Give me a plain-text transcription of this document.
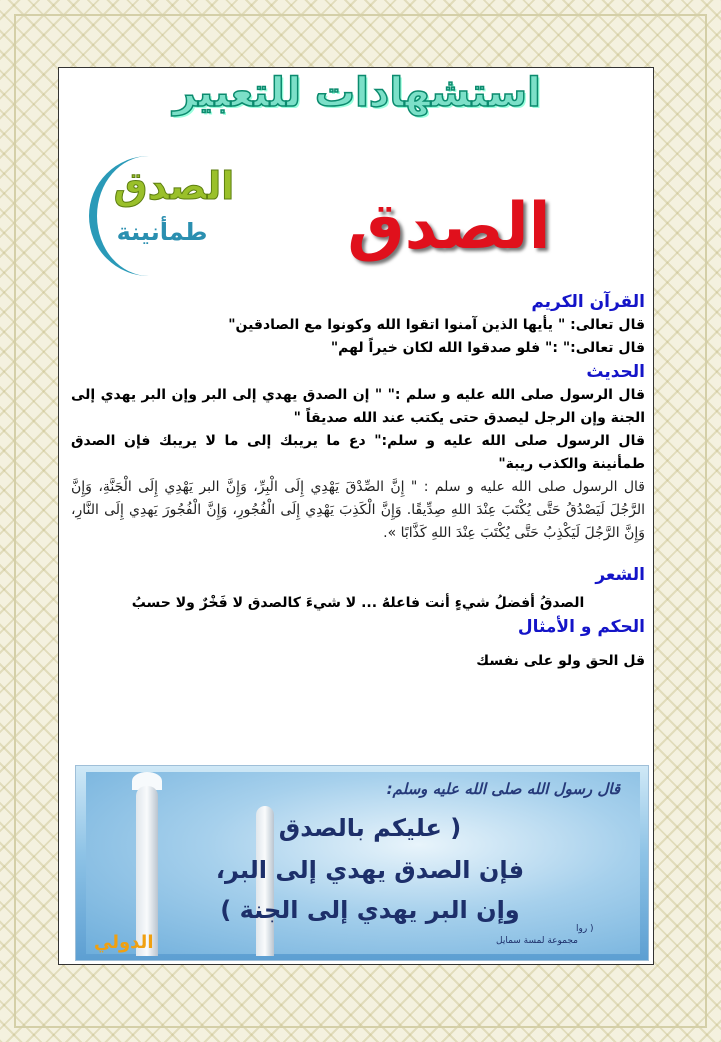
استشهادات للتعبير
الصدق
طمأنينة	الصدق
القرآن الكريم

قال تعالى: " يأيها الذين آمنوا اتقوا الله وكونوا مع الصادقين"

قال تعالى:" :" فلو صدقوا الله لكان خيراً لهم"

الحديث

قال الرسول صلى الله عليه و سلم :" " إن الصدق يهدي إلى البر وإن البر يهدي إلى الجنة وإن الرجل ليصدق حتى يكتب عند الله صديقاً "

قال الرسول صلى الله عليه و سلم:" دع ما يريبك إلى ما لا يريبك فإن الصدق طمأنينة والكذب ريبة"

قال الرسول صلى الله عليه و سلم : " إِنَّ الصِّدْقَ يَهْدِي إِلَى الْبِرِّ، وَإِنَّ البر يَهْدِي إِلَى الْجَنَّةِ، وَإِنَّ الرَّجُلَ لَيَصْدُقُ حَتَّى يُكْتَبَ عِنْدَ اللهِ صِدِّيقًا. وَإِنَّ الْكَذِبَ يَهْدِي إِلَى الْفُجُورِ، وَإِنَّ الْفُجُورَ يَهدِي إِلَى النَّارِ، وَإِنَّ الرَّجُلَ لَيَكْذِبُ حَتَّى يُكْتَبَ عِنْدَ اللهِ كَذَّابًا ».

الشعر

الصدقُ أفضلُ شيءٍ أنت فاعلهُ ... لا شيءَ كالصدق لا فَخْرٌ ولا حسبُ

الحكم و الأمثال

قل الحق ولو على نفسك

قال رسول الله صلى الله عليه وسلم:
( عليكم بالصدق
فإن الصدق يهدي إلى البر،
وإن البر يهدي إلى الجنة )
مجموعة لمسة سمايل
الدولي
( روا
